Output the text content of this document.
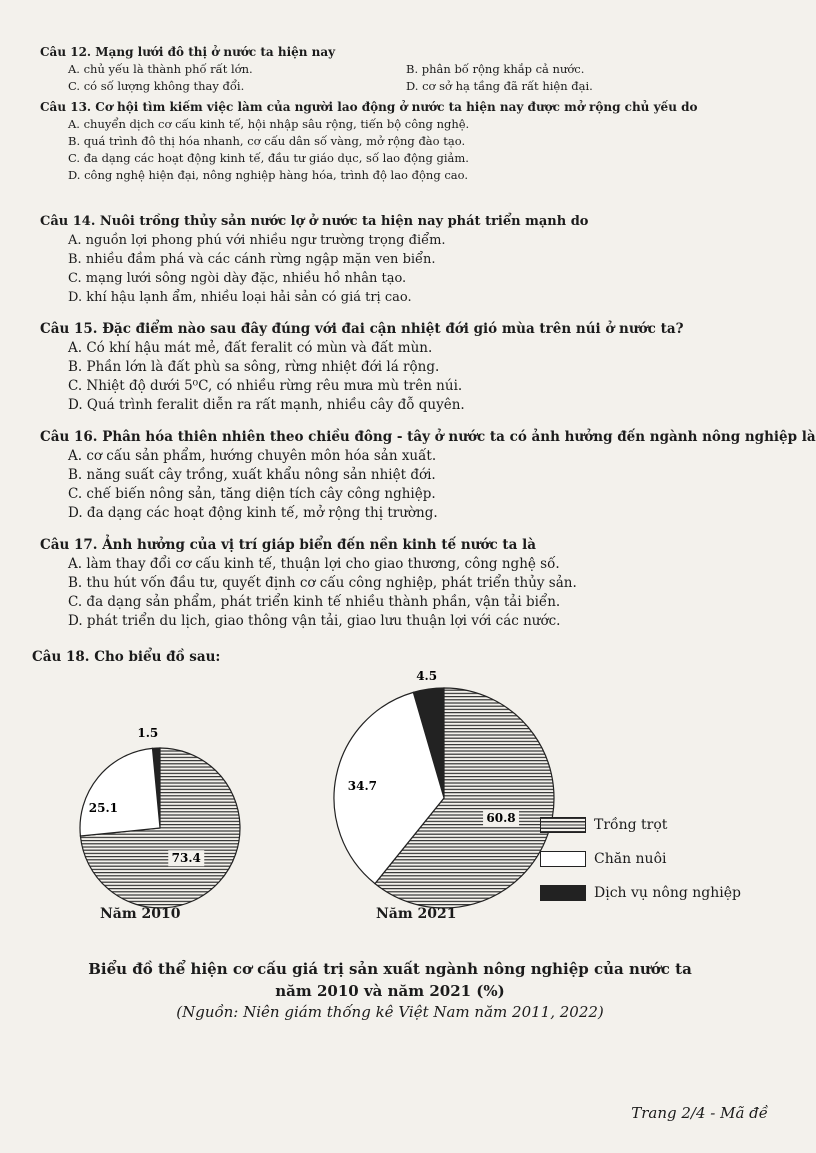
Câu 12. Mạng lưới đô thị ở nước ta hiện nay
A. chủ yếu là thành phố rất lớn.	B. phân bố rộng khắp cả nước.
C. có số lượng không thay đổi.	D. cơ sở hạ tầng đã rất hiện đại.
Câu 13. Cơ hội tìm kiếm việc làm của người lao động ở nước ta hiện nay được mở rộng chủ yếu do
A. chuyển dịch cơ cấu kinh tế, hội nhập sâu rộng, tiến bộ công nghệ.
B. quá trình đô thị hóa nhanh, cơ cấu dân số vàng, mở rộng đào tạo.
C. đa dạng các hoạt động kinh tế, đầu tư giáo dục, số lao động giảm.
D. công nghệ hiện đại, nông nghiệp hàng hóa, trình độ lao động cao.
Câu 14. Nuôi trồng thủy sản nước lợ ở nước ta hiện nay phát triển mạnh do
A. nguồn lợi phong phú với nhiều ngư trường trọng điểm.
B. nhiều đầm phá và các cánh rừng ngập mặn ven biển.
C. mạng lưới sông ngòi dày đặc, nhiều hồ nhân tạo.
D. khí hậu lạnh ẩm, nhiều loại hải sản có giá trị cao.
Câu 15. Đặc điểm nào sau đây đúng với đai cận nhiệt đới gió mùa trên núi ở nước ta?
A. Có khí hậu mát mẻ, đất feralit có mùn và đất mùn.
B. Phần lớn là đất phù sa sông, rừng nhiệt đới lá rộng.
C. Nhiệt độ dưới 5⁰C, có nhiều rừng rêu mưa mù trên núi.
D. Quá trình feralit diễn ra rất mạnh, nhiều cây đỗ quyên.
Câu 16. Phân hóa thiên nhiên theo chiều đông - tây ở nước ta có ảnh hưởng đến ngành nông nghiệp là
A. cơ cấu sản phẩm, hướng chuyên môn hóa sản xuất.
B. năng suất cây trồng, xuất khẩu nông sản nhiệt đới.
C. chế biến nông sản, tăng diện tích cây công nghiệp.
D. đa dạng các hoạt động kinh tế, mở rộng thị trường.
Câu 17. Ảnh hưởng của vị trí giáp biển đến nền kinh tế nước ta là
A. làm thay đổi cơ cấu kinh tế, thuận lợi cho giao thương, công nghệ số.
B. thu hút vốn đầu tư, quyết định cơ cấu công nghiệp, phát triển thủy sản.
C. đa dạng sản phẩm, phát triển kinh tế nhiều thành phần, vận tải biển.
D. phát triển du lịch, giao thông vận tải, giao lưu thuận lợi với các nước.
Câu 18. Cho biểu đồ sau:
1.5
73.4
25.1
4.5
60.8
34.7
Năm 2010	Năm 2021
Trồng trọt
Chăn nuôi
Dịch vụ nông nghiệp
Biểu đồ thể hiện cơ cấu giá trị sản xuất ngành nông nghiệp của nước ta
năm 2010 và năm 2021 (%)
(Nguồn: Niên giám thống kê Việt Nam năm 2011, 2022)
Trang 2/4 - Mã đề
